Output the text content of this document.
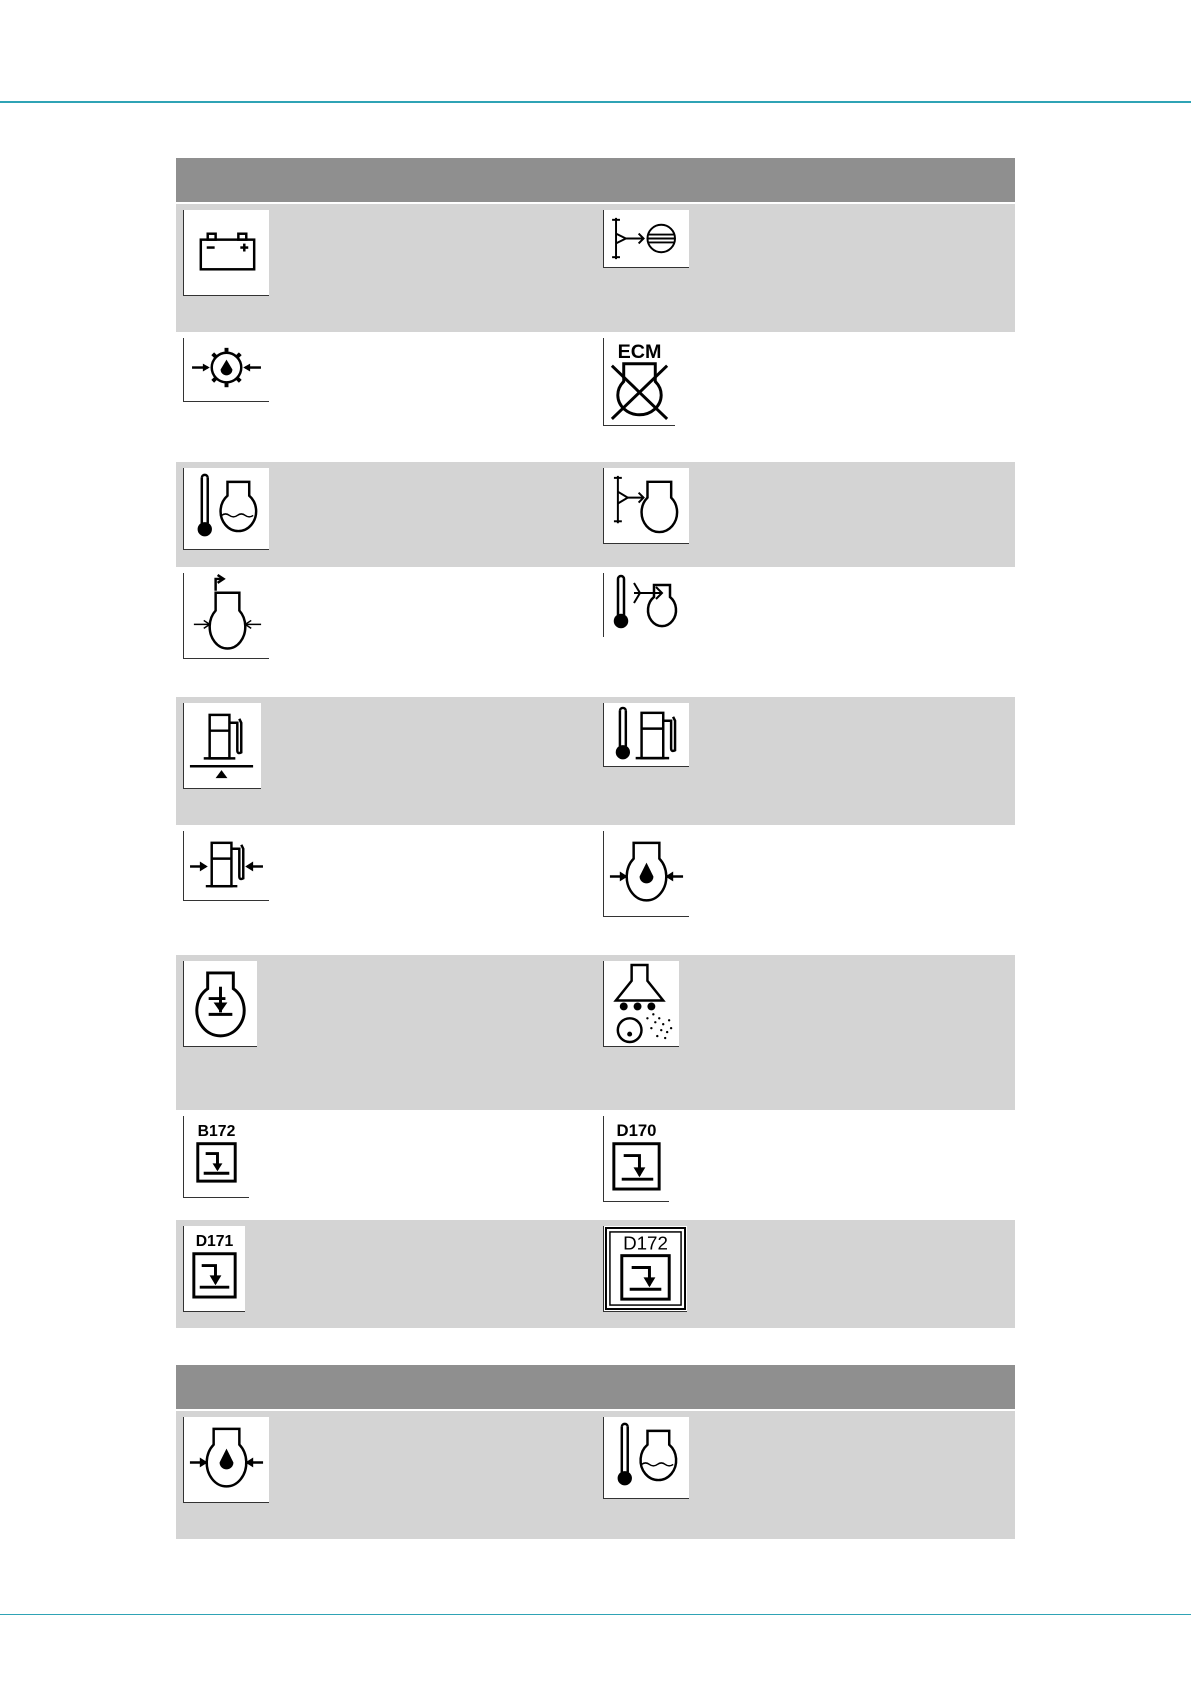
ECM
B172	D170
D171	D172
